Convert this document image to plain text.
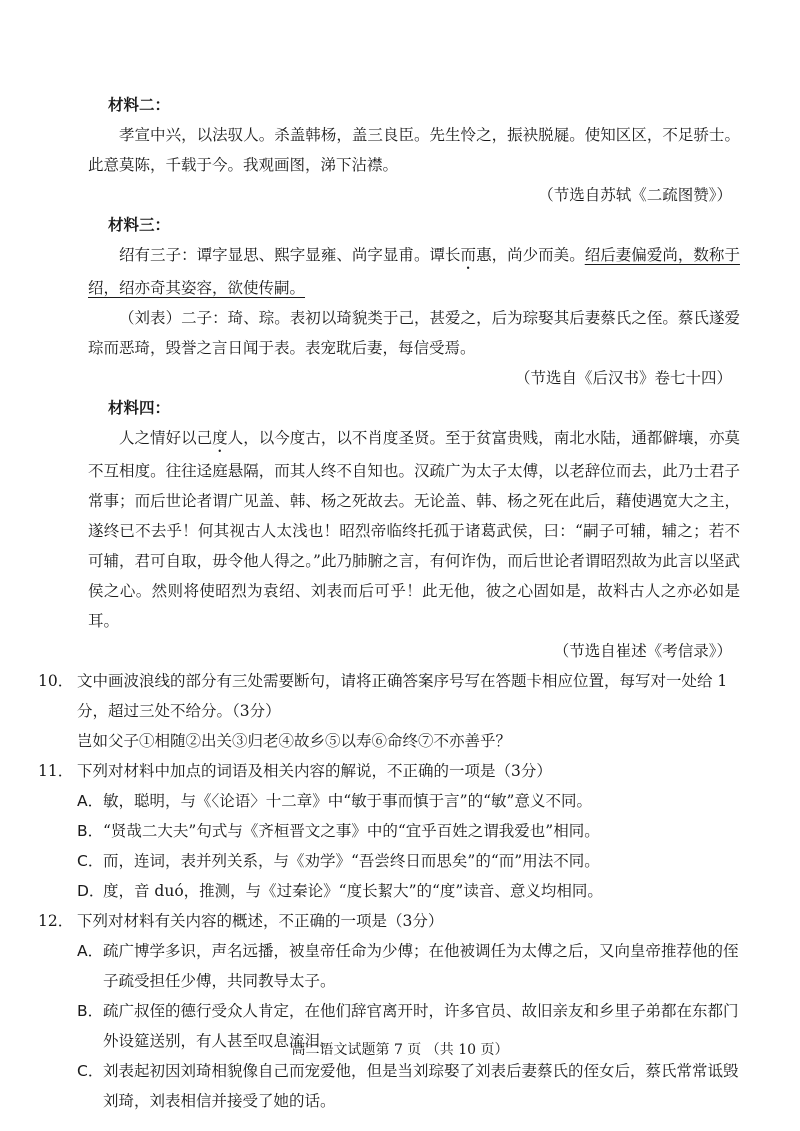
材料二：

孝宣中兴，以法驭人。杀盖韩杨，盖三良臣。先生怜之，振袂脱屣。使知区区，不足骄士。此意莫陈，千载于今。我观画图，涕下沾襟。

（节选自苏轼《二疏图赞》）

材料三：

绍有三子：谭字显思、熙字显雍、尚字显甫。谭长而惠，尚少而美。绍后妻偏爱尚，数称于绍，绍亦奇其姿容，欲使传嗣。

（刘表）二子：琦、琮。表初以琦貌类于己，甚爱之，后为琮娶其后妻蔡氏之侄。蔡氏遂爱琮而恶琦，毁誉之言日闻于表。表宠耽后妻，每信受焉。

（节选自《后汉书》卷七十四）

材料四：

人之情好以己度人，以今度古，以不肖度圣贤。至于贫富贵贱，南北水陆，通都僻壤，亦莫不互相度。往往迳庭悬隔，而其人终不自知也。汉疏广为太子太傅，以老辞位而去，此乃士君子常事；而后世论者谓广见盖、韩、杨之死故去。无论盖、韩、杨之死在此后，藉使遇宽大之主，遂终已不去乎！何其视古人太浅也！昭烈帝临终托孤于诸葛武侯，曰：“嗣子可辅，辅之；若不可辅，君可自取，毋令他人得之。”此乃肺腑之言，有何诈伪，而后世论者谓昭烈故为此言以坚武侯之心。然则将使昭烈为袁绍、刘表而后可乎！此无他，彼之心固如是，故料古人之亦必如是耳。

（节选自崔述《考信录》）

10． 文中画波浪线的部分有三处需要断句，请将正确答案序号写在答题卡相应位置，每写对一处给 1 分，超过三处不给分。（3分）

岂如父子①相随②出关③归老④故乡⑤以寿⑥命终⑦不亦善乎？

11． 下列对材料中加点的词语及相关内容的解说，不正确的一项是（3分）

A． 敏，聪明，与《〈论语〉十二章》中“敏于事而慎于言”的“敏”意义不同。
B． “贤哉二大夫”句式与《齐桓晋文之事》中的“宜乎百姓之谓我爱也”相同。
C． 而，连词，表并列关系，与《劝学》“吾尝终日而思矣”的“而”用法不同。
D．
度，音 duó，推测，与《过秦论》“度长絜大”的“度”读音、意义均相同。
12． 下列对材料有关内容的概述，不正确的一项是（3分）

A． 疏广博学多识，声名远播，被皇帝任命为少傅；在他被调任为太傅之后，又向皇帝推荐他的侄子疏受担任少傅，共同教导太子。
B． 疏广叔侄的德行受众人肯定，在他们辞官离开时，许多官员、故旧亲友和乡里子弟都在东都门外设筵送别，有人甚至叹息流泪。
C． 刘表起初因刘琦相貌像自己而宠爱他，但是当刘琮娶了刘表后妻蔡氏的侄女后，蔡氏常常诋毁刘琦，刘表相信并接受了她的话。
高二语文试题第 7 页 （共 10 页）
